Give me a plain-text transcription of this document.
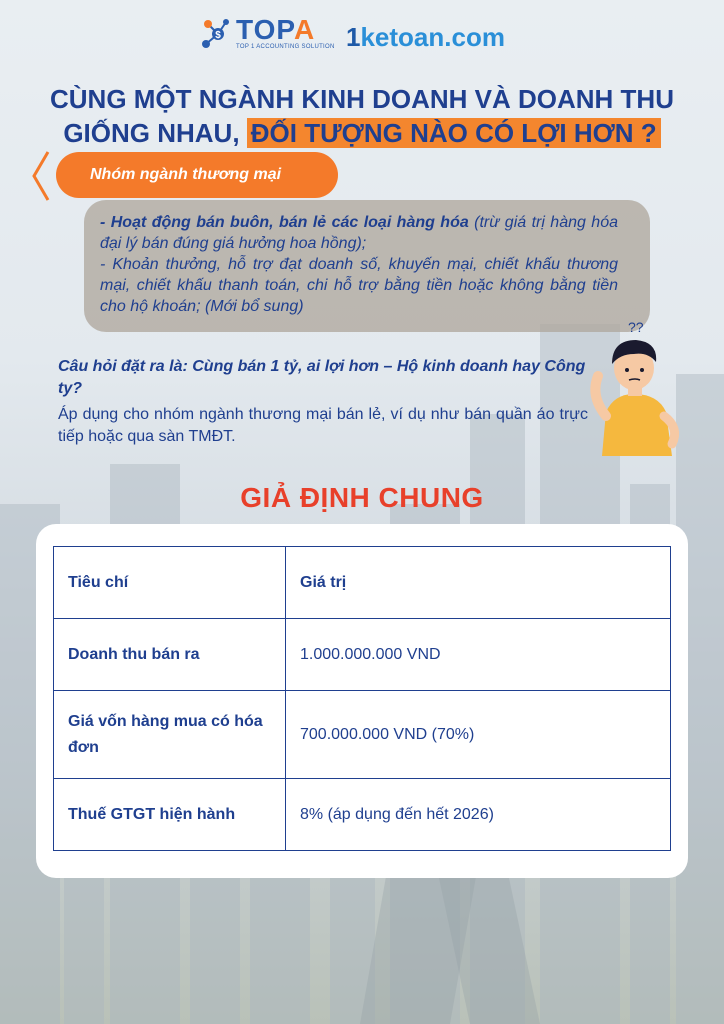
$ TOPA
TOP 1 ACCOUNTING SOLUTION 1ketoan.com
CÙNG MỘT NGÀNH KINH DOANH VÀ DOANH THU GIỐNG NHAU, ĐỐI TƯỢNG NÀO CÓ LỢI HƠN ?
Nhóm ngành thương mại
- Hoạt động bán buôn, bán lẻ các loại hàng hóa (trừ giá trị hàng hóa đại lý bán đúng giá hưởng hoa hồng);
- Khoản thưởng, hỗ trợ đạt doanh số, khuyến mại, chiết khấu thương mại, chiết khấu thanh toán, chi hỗ trợ bằng tiền hoặc không bằng tiền cho hộ khoán; (Mới bổ sung)
Câu hỏi đặt ra là: Cùng bán 1 tỷ, ai lợi hơn – Hộ kinh doanh hay Công ty?
Áp dụng cho nhóm ngành thương mại bán lẻ, ví dụ như bán quần áo trực tiếp hoặc qua sàn TMĐT.
??
GIẢ ĐỊNH CHUNG
Tiêu chí	Giá trị
Doanh thu bán ra	1.000.000.000 VND
Giá vốn hàng mua có hóa đơn	700.000.000 VND (70%)
Thuế GTGT hiện hành	8% (áp dụng đến hết 2026)
